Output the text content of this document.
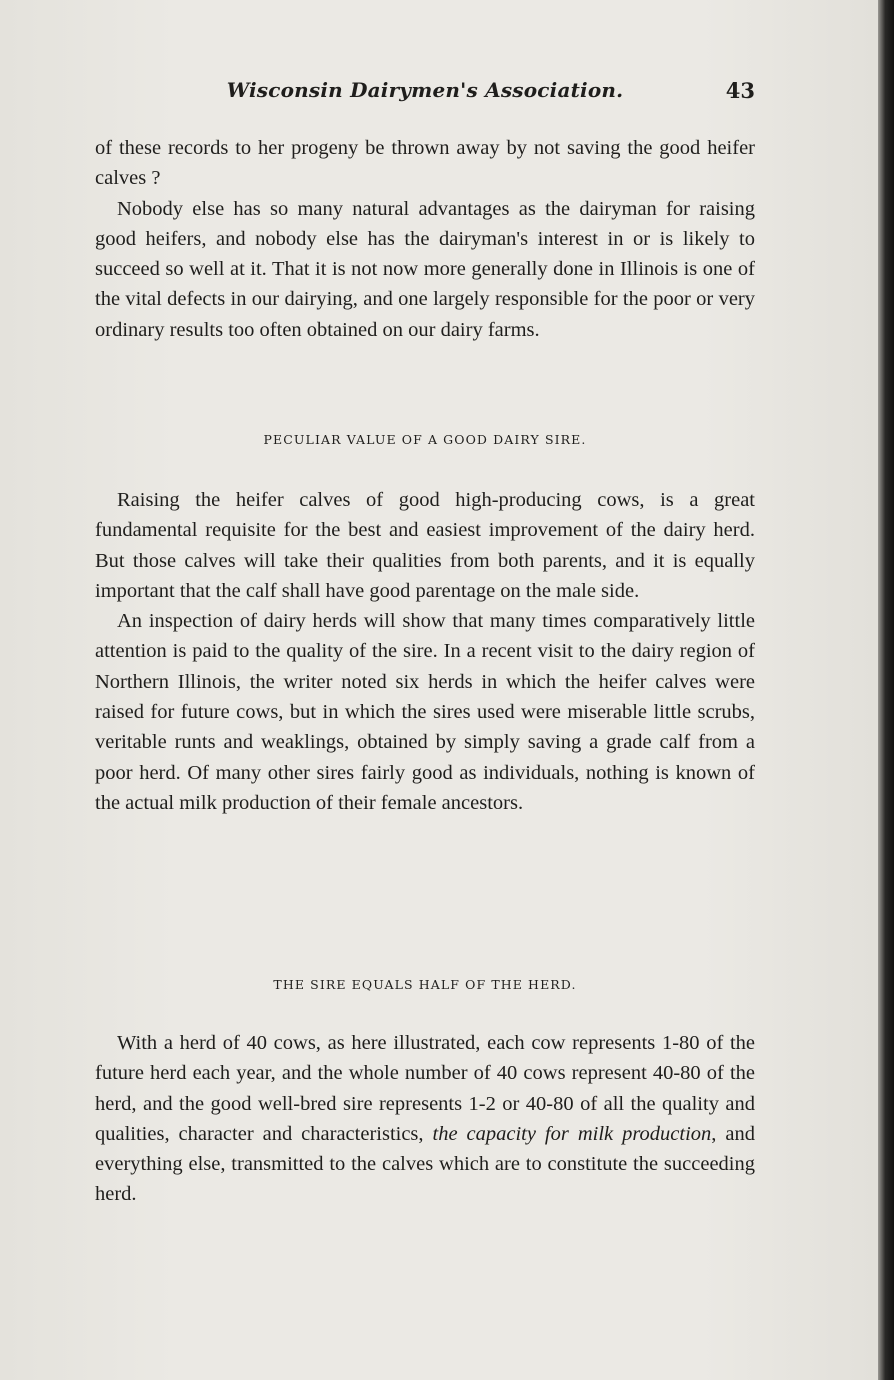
Wisconsin Dairymen's Association.	43

of these records to her progeny be thrown away by not saving the good heifer calves ?

Nobody else has so many natural advantages as the dairyman for raising good heifers, and nobody else has the dairyman's interest in or is likely to succeed so well at it. That it is not now more generally done in Illinois is one of the vital defects in our dairying, and one largely responsible for the poor or very ordinary results too often obtained on our dairy farms.

PECULIAR VALUE OF A GOOD DAIRY SIRE.

Raising the heifer calves of good high-producing cows, is a great fundamental requisite for the best and easiest improvement of the dairy herd. But those calves will take their qualities from both parents, and it is equally important that the calf shall have good parentage on the male side.

An inspection of dairy herds will show that many times comparatively little attention is paid to the quality of the sire. In a recent visit to the dairy region of Northern Illinois, the writer noted six herds in which the heifer calves were raised for future cows, but in which the sires used were miserable little scrubs, veritable runts and weaklings, obtained by simply saving a grade calf from a poor herd. Of many other sires fairly good as individuals, nothing is known of the actual milk production of their female ancestors.

THE SIRE EQUALS HALF OF THE HERD.

With a herd of 40 cows, as here illustrated, each cow represents 1-80 of the future herd each year, and the whole number of 40 cows represent 40-80 of the herd, and the good well-bred sire represents 1-2 or 40-80 of all the quality and qualities, character and characteristics, the capacity for milk production, and everything else, transmitted to the calves which are to constitute the succeeding herd.
